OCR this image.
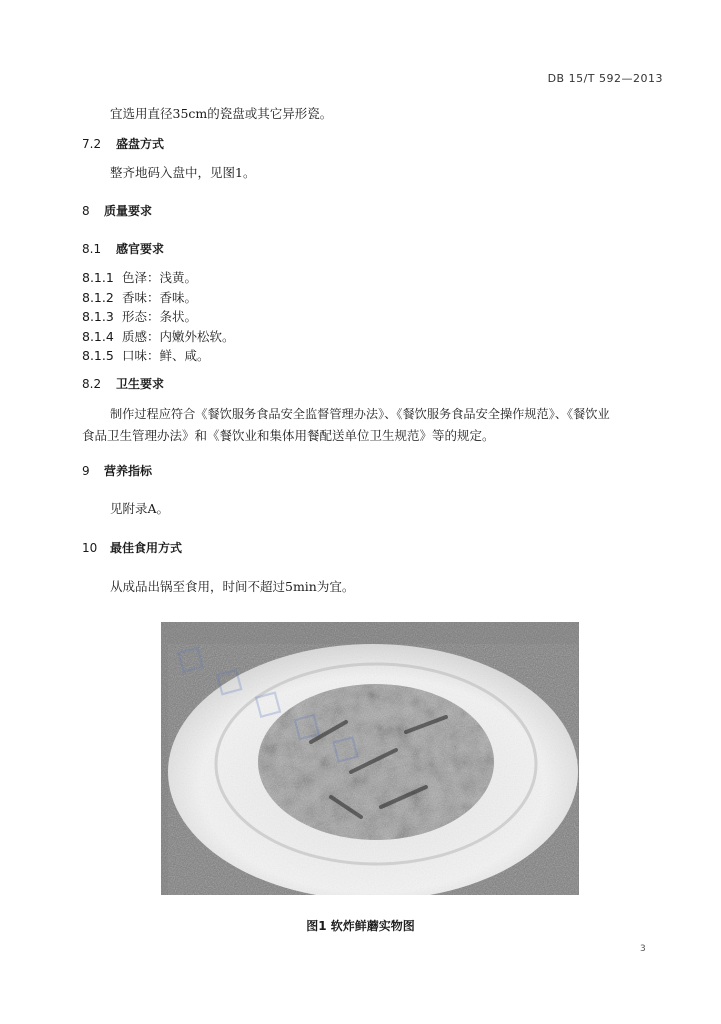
DB 15/T 592—2013
宜选用直径35cm的瓷盘或其它异形瓷。
7.2 盛盘方式
整齐地码入盘中，见图1。
8 质量要求
8.1 感官要求
8.1.1 色泽：浅黄。
8.1.2 香味：香味。
8.1.3 形态：条状。
8.1.4 质感：内嫩外松软。
8.1.5 口味：鲜、咸。
8.2 卫生要求
制作过程应符合《餐饮服务食品安全监督管理办法》、《餐饮服务食品安全操作规范》、《餐饮业
食品卫生管理办法》和《餐饮业和集体用餐配送单位卫生规范》等的规定。
9 营养指标
见附录A。
10 最佳食用方式
从成品出锅至食用，时间不超过5min为宜。
◇◇◇◇◇
图1 软炸鲜蘑实物图
3
